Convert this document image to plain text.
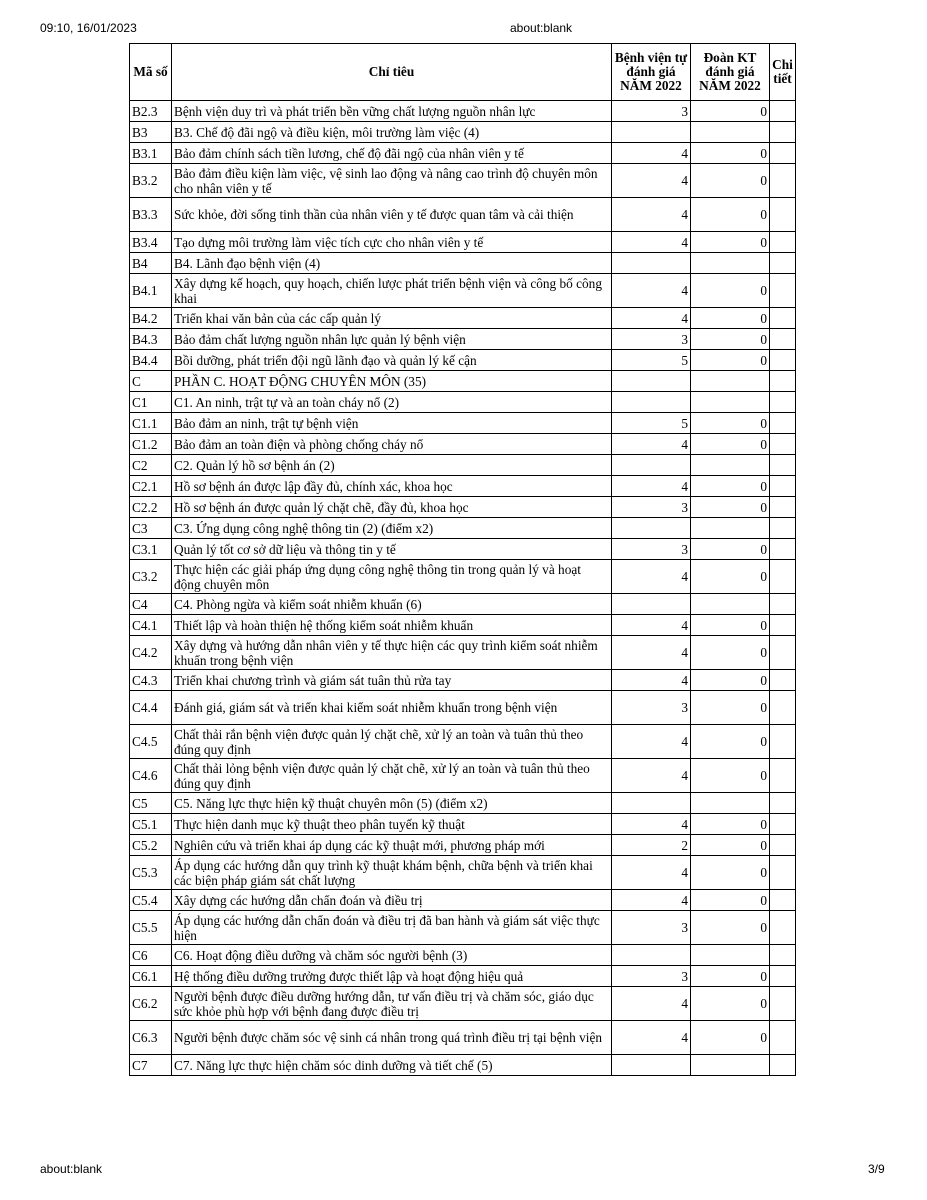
09:10, 16/01/2023	about:blank
Mã số	Chỉ tiêu	Bệnh viện tự đánh giá NĂM 2022	Đoàn KT đánh giá NĂM 2022	Chi tiết
B2.3	Bệnh viện duy trì và phát triển bền vững chất lượng nguồn nhân lực	3	0	
B3	B3. Chế độ đãi ngộ và điều kiện, môi trường làm việc (4)			
B3.1	Bảo đảm chính sách tiền lương, chế độ đãi ngộ của nhân viên y tế	4	0	
B3.2	Bảo đảm điều kiện làm việc, vệ sinh lao động và nâng cao trình độ chuyên môn cho nhân viên y tế	4	0	
B3.3	Sức khỏe, đời sống tinh thần của nhân viên y tế được quan tâm và cải thiện	4	0	
B3.4	Tạo dựng môi trường làm việc tích cực cho nhân viên y tế	4	0	
B4	B4. Lãnh đạo bệnh viện (4)			
B4.1	Xây dựng kế hoạch, quy hoạch, chiến lược phát triển bệnh viện và công bố công khai	4	0	
B4.2	Triển khai văn bản của các cấp quản lý	4	0	
B4.3	Bảo đảm chất lượng nguồn nhân lực quản lý bệnh viện	3	0	
B4.4	Bồi dưỡng, phát triển đội ngũ lãnh đạo và quản lý kế cận	5	0	
C	PHẦN C. HOẠT ĐỘNG CHUYÊN MÔN (35)			
C1	C1. An ninh, trật tự và an toàn cháy nổ (2)			
C1.1	Bảo đảm an ninh, trật tự bệnh viện	5	0	
C1.2	Bảo đảm an toàn điện và phòng chống cháy nổ	4	0	
C2	C2. Quản lý hồ sơ bệnh án (2)			
C2.1	Hồ sơ bệnh án được lập đầy đủ, chính xác, khoa học	4	0	
C2.2	Hồ sơ bệnh án được quản lý chặt chẽ, đầy đủ, khoa học	3	0	
C3	C3. Ứng dụng công nghệ thông tin (2) (điểm x2)			
C3.1	Quản lý tốt cơ sở dữ liệu và thông tin y tế	3	0	
C3.2	Thực hiện các giải pháp ứng dụng công nghệ thông tin trong quản lý và hoạt động chuyên môn	4	0	
C4	C4. Phòng ngừa và kiểm soát nhiễm khuẩn (6)			
C4.1	Thiết lập và hoàn thiện hệ thống kiểm soát nhiễm khuẩn	4	0	
C4.2	Xây dựng và hướng dẫn nhân viên y tế thực hiện các quy trình kiểm soát nhiễm khuẩn trong bệnh viện	4	0	
C4.3	Triển khai chương trình và giám sát tuân thủ rửa tay	4	0	
C4.4	Đánh giá, giám sát và triển khai kiểm soát nhiễm khuẩn trong bệnh viện	3	0	
C4.5	Chất thải rắn bệnh viện được quản lý chặt chẽ, xử lý an toàn và tuân thủ theo đúng quy định	4	0	
C4.6	Chất thải lỏng bệnh viện được quản lý chặt chẽ, xử lý an toàn và tuân thủ theo đúng quy định	4	0	
C5	C5. Năng lực thực hiện kỹ thuật chuyên môn (5) (điểm x2)			
C5.1	Thực hiện danh mục kỹ thuật theo phân tuyến kỹ thuật	4	0	
C5.2	Nghiên cứu và triển khai áp dụng các kỹ thuật mới, phương pháp mới	2	0	
C5.3	Áp dụng các hướng dẫn quy trình kỹ thuật khám bệnh, chữa bệnh và triển khai các biện pháp giám sát chất lượng	4	0	
C5.4	Xây dựng các hướng dẫn chẩn đoán và điều trị	4	0	
C5.5	Áp dụng các hướng dẫn chẩn đoán và điều trị đã ban hành và giám sát việc thực hiện	3	0	
C6	C6. Hoạt động điều dưỡng và chăm sóc người bệnh (3)			
C6.1	Hệ thống điều dưỡng trưởng được thiết lập và hoạt động hiệu quả	3	0	
C6.2	Người bệnh được điều dưỡng hướng dẫn, tư vấn điều trị và chăm sóc, giáo dục sức khỏe phù hợp với bệnh đang được điều trị	4	0	
C6.3	Người bệnh được chăm sóc vệ sinh cá nhân trong quá trình điều trị tại bệnh viện	4	0	
C7	C7. Năng lực thực hiện chăm sóc dinh dưỡng và tiết chế (5)			
about:blank	3/9
